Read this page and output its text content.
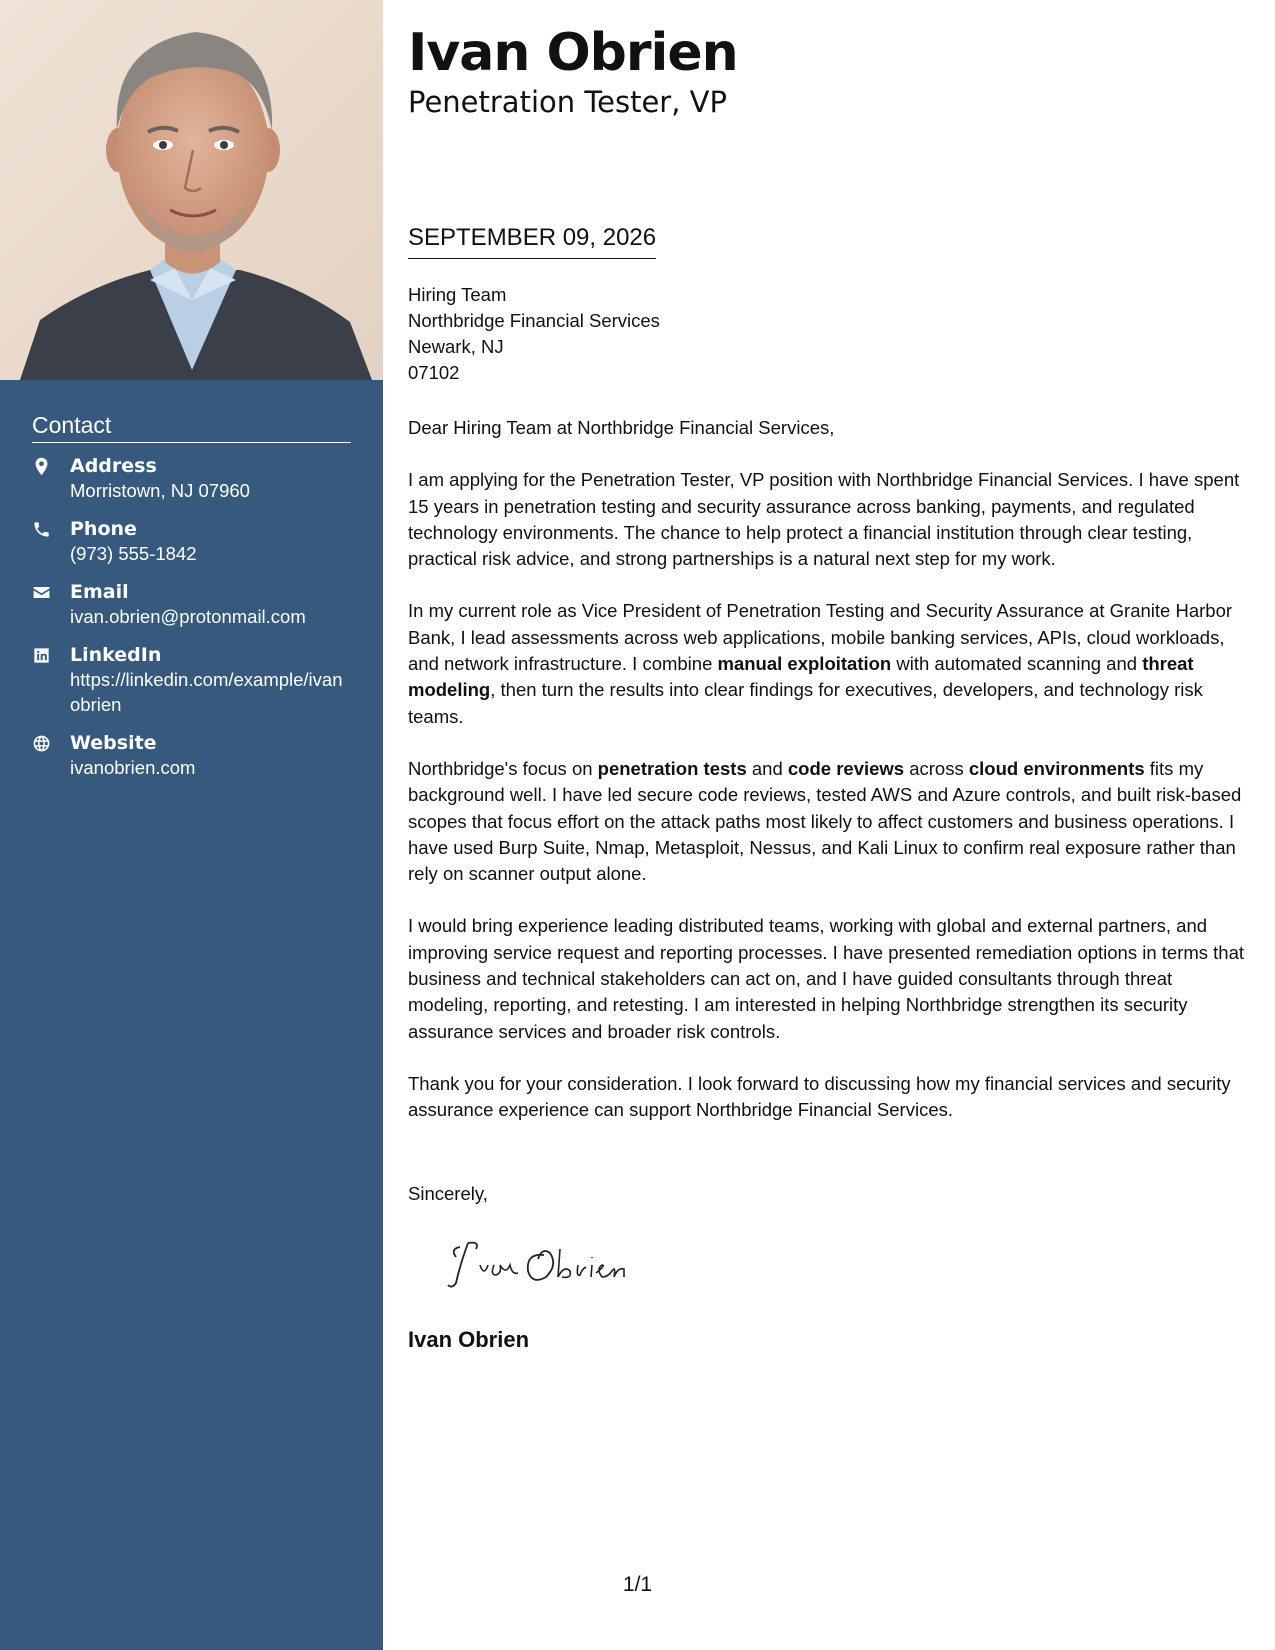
Contact
Address
Morristown, NJ 07960
Phone
(973) 555-1842
Email
ivan.obrien@protonmail.com
LinkedIn
https://linkedin.com/example/ivanobrien
Website
ivanobrien.com
Ivan Obrien
Penetration Tester, VP
SEPTEMBER 09, 2026
Hiring Team
Northbridge Financial Services
Newark, NJ
07102

Dear Hiring Team at Northbridge Financial Services,

I am applying for the Penetration Tester, VP position with Northbridge Financial Services. I have spent 15 years in penetration testing and security assurance across banking, payments, and regulated technology environments. The chance to help protect a financial institution through clear testing, practical risk advice, and strong partnerships is a natural next step for my work.

In my current role as Vice President of Penetration Testing and Security Assurance at Granite Harbor Bank, I lead assessments across web applications, mobile banking services, APIs, cloud workloads, and network infrastructure. I combine manual exploitation with automated scanning and threat modeling, then turn the results into clear findings for executives, developers, and technology risk teams.

Northbridge's focus on penetration tests and code reviews across cloud environments fits my background well. I have led secure code reviews, tested AWS and Azure controls, and built risk-based scopes that focus effort on the attack paths most likely to affect customers and business operations. I have used Burp Suite, Nmap, Metasploit, Nessus, and Kali Linux to confirm real exposure rather than rely on scanner output alone.

I would bring experience leading distributed teams, working with global and external partners, and improving service request and reporting processes. I have presented remediation options in terms that business and technical stakeholders can act on, and I have guided consultants through threat modeling, reporting, and retesting. I am interested in helping Northbridge strengthen its security assurance services and broader risk controls.

Thank you for your consideration. I look forward to discussing how my financial services and security assurance experience can support Northbridge Financial Services.

Sincerely,
Ivan Obrien
1/1
